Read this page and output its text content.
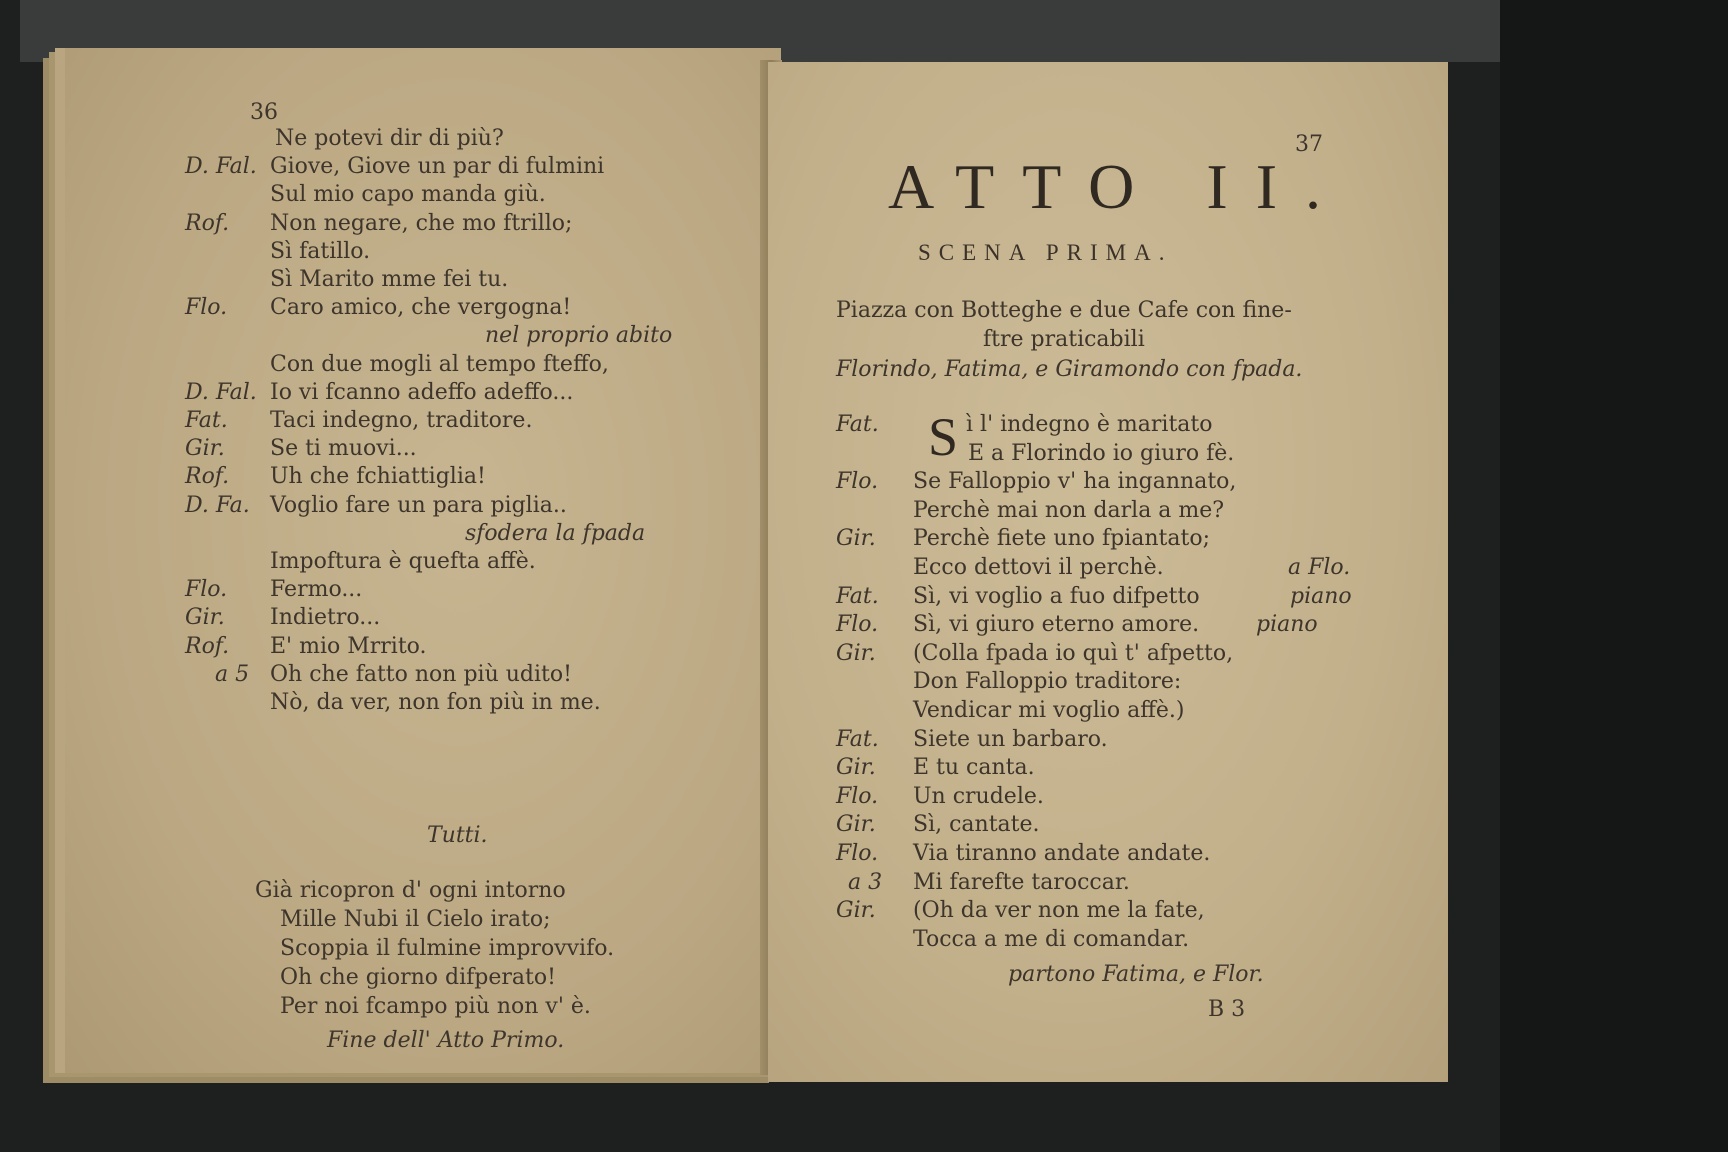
36
Ne potevi dir di più?
D. Fal. Giove, Giove un par di fulmini
Sul mio capo manda giù.
Rof. Non negare, che mo ftrillo;
Sì fatillo.
Sì Marito mme fei tu.
Flo. Caro amico, che vergogna!
nel proprio abito
Con due mogli al tempo fteffo,
D. Fal. Io vi fcanno adeffo adeffo...
Fat. Taci indegno, traditore.
Gir. Se ti muovi...
Rof. Uh che fchiattiglia!
D. Fa. Voglio fare un para piglia..
sfodera la fpada
Impoftura è quefta affè.
Flo. Fermo...
Gir. Indietro...
Rof. E' mio Mrrito.
a 5 Oh che fatto non più udito!
Nò, da ver, non fon più in me.
Tutti.
Già ricopron d' ogni intorno
Mille Nubi il Cielo irato;
Scoppia il fulmine improvvifo.
Oh che giorno difperato!
Per noi fcampo più non v' è.
Fine dell' Atto Primo.
37
ATTO II.
SCENA PRIMA.
Piazza con Botteghe e due Cafe con fine-
ftre praticabili
Florindo, Fatima, e Giramondo con fpada.
S
Fat.	ì l' indegno è maritato
E a Florindo io giuro fè.
Flo. Se Falloppio v' ha ingannato,
Perchè mai non darla a me?
Gir. Perchè fiete uno fpiantato;
Ecco dettovi il perchè.	a Flo.
Fat. Sì, vi voglio a fuo difpetto	piano
Flo. Sì, vi giuro eterno amore.	piano
Gir. (Colla fpada io quì t' afpetto,
Don Falloppio traditore:
Vendicar mi voglio affè.)
Fat. Siete un barbaro.
Gir. E tu canta.
Flo. Un crudele.
Gir. Sì, cantate.
Flo. Via tiranno andate andate.
a 3 Mi farefte taroccar.
Gir. (Oh da ver non me la fate,
Tocca a me di comandar.
partono Fatima, e Flor.
B 3
